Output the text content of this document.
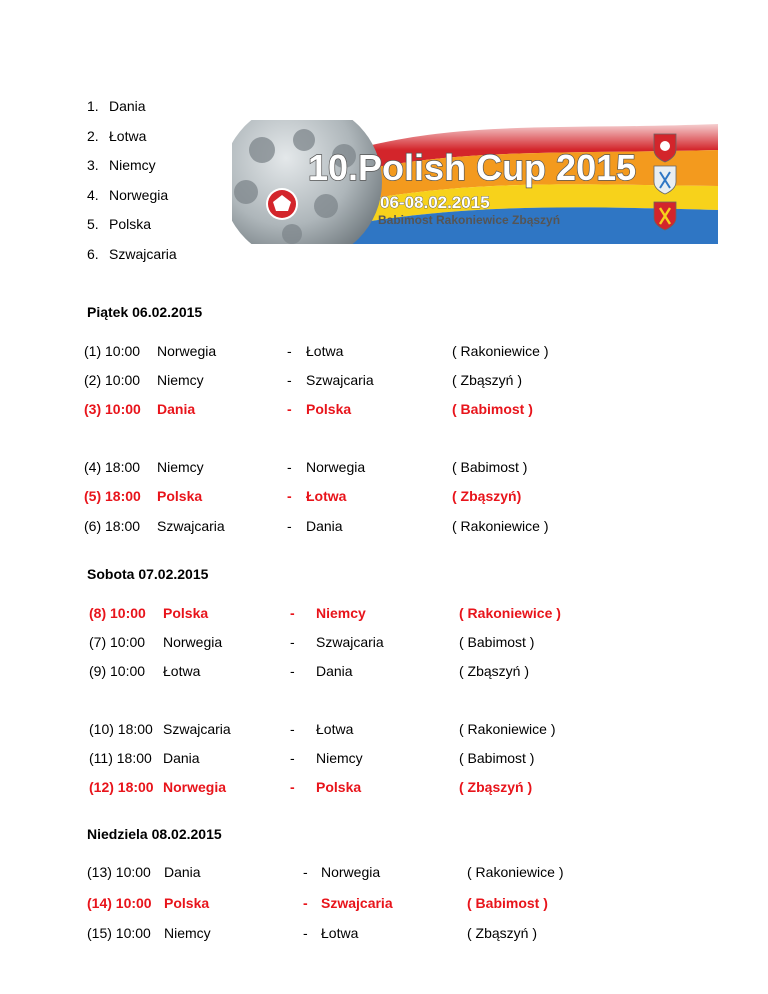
1. Dania
2. Łotwa
3. Niemcy
4. Norwegia
5. Polska
6. Szwajcaria
10.Polish Cup 2015
06-08.02.2015
Babimost Rakoniewice Zbąszyń
Piątek 06.02.2015
(1) 10:00 Norwegia	- Łotwa	( Rakoniewice )
(2) 10:00 Niemcy	- Szwajcaria	( Zbąszyń )
(3) 10:00 Dania	- Polska	( Babimost )
(4) 18:00 Niemcy	- Norwegia	( Babimost )
(5) 18:00 Polska	- Łotwa	( Zbąszyń)
(6) 18:00 Szwajcaria	- Dania	( Rakoniewice )
Sobota 07.02.2015
(8) 10:00 Polska	- Niemcy	( Rakoniewice )
(7) 10:00 Norwegia	- Szwajcaria	( Babimost )
(9) 10:00 Łotwa	- Dania	( Zbąszyń )
(10) 18:00 Szwajcaria	- Łotwa	( Rakoniewice )
(11) 18:00 Dania	- Niemcy	( Babimost )
(12) 18:00 Norwegia	- Polska	( Zbąszyń )
Niedziela 08.02.2015
(13) 10:00 Dania	- Norwegia	( Rakoniewice )
(14) 10:00 Polska	- Szwajcaria	( Babimost )
(15) 10:00 Niemcy	- Łotwa	( Zbąszyń )
